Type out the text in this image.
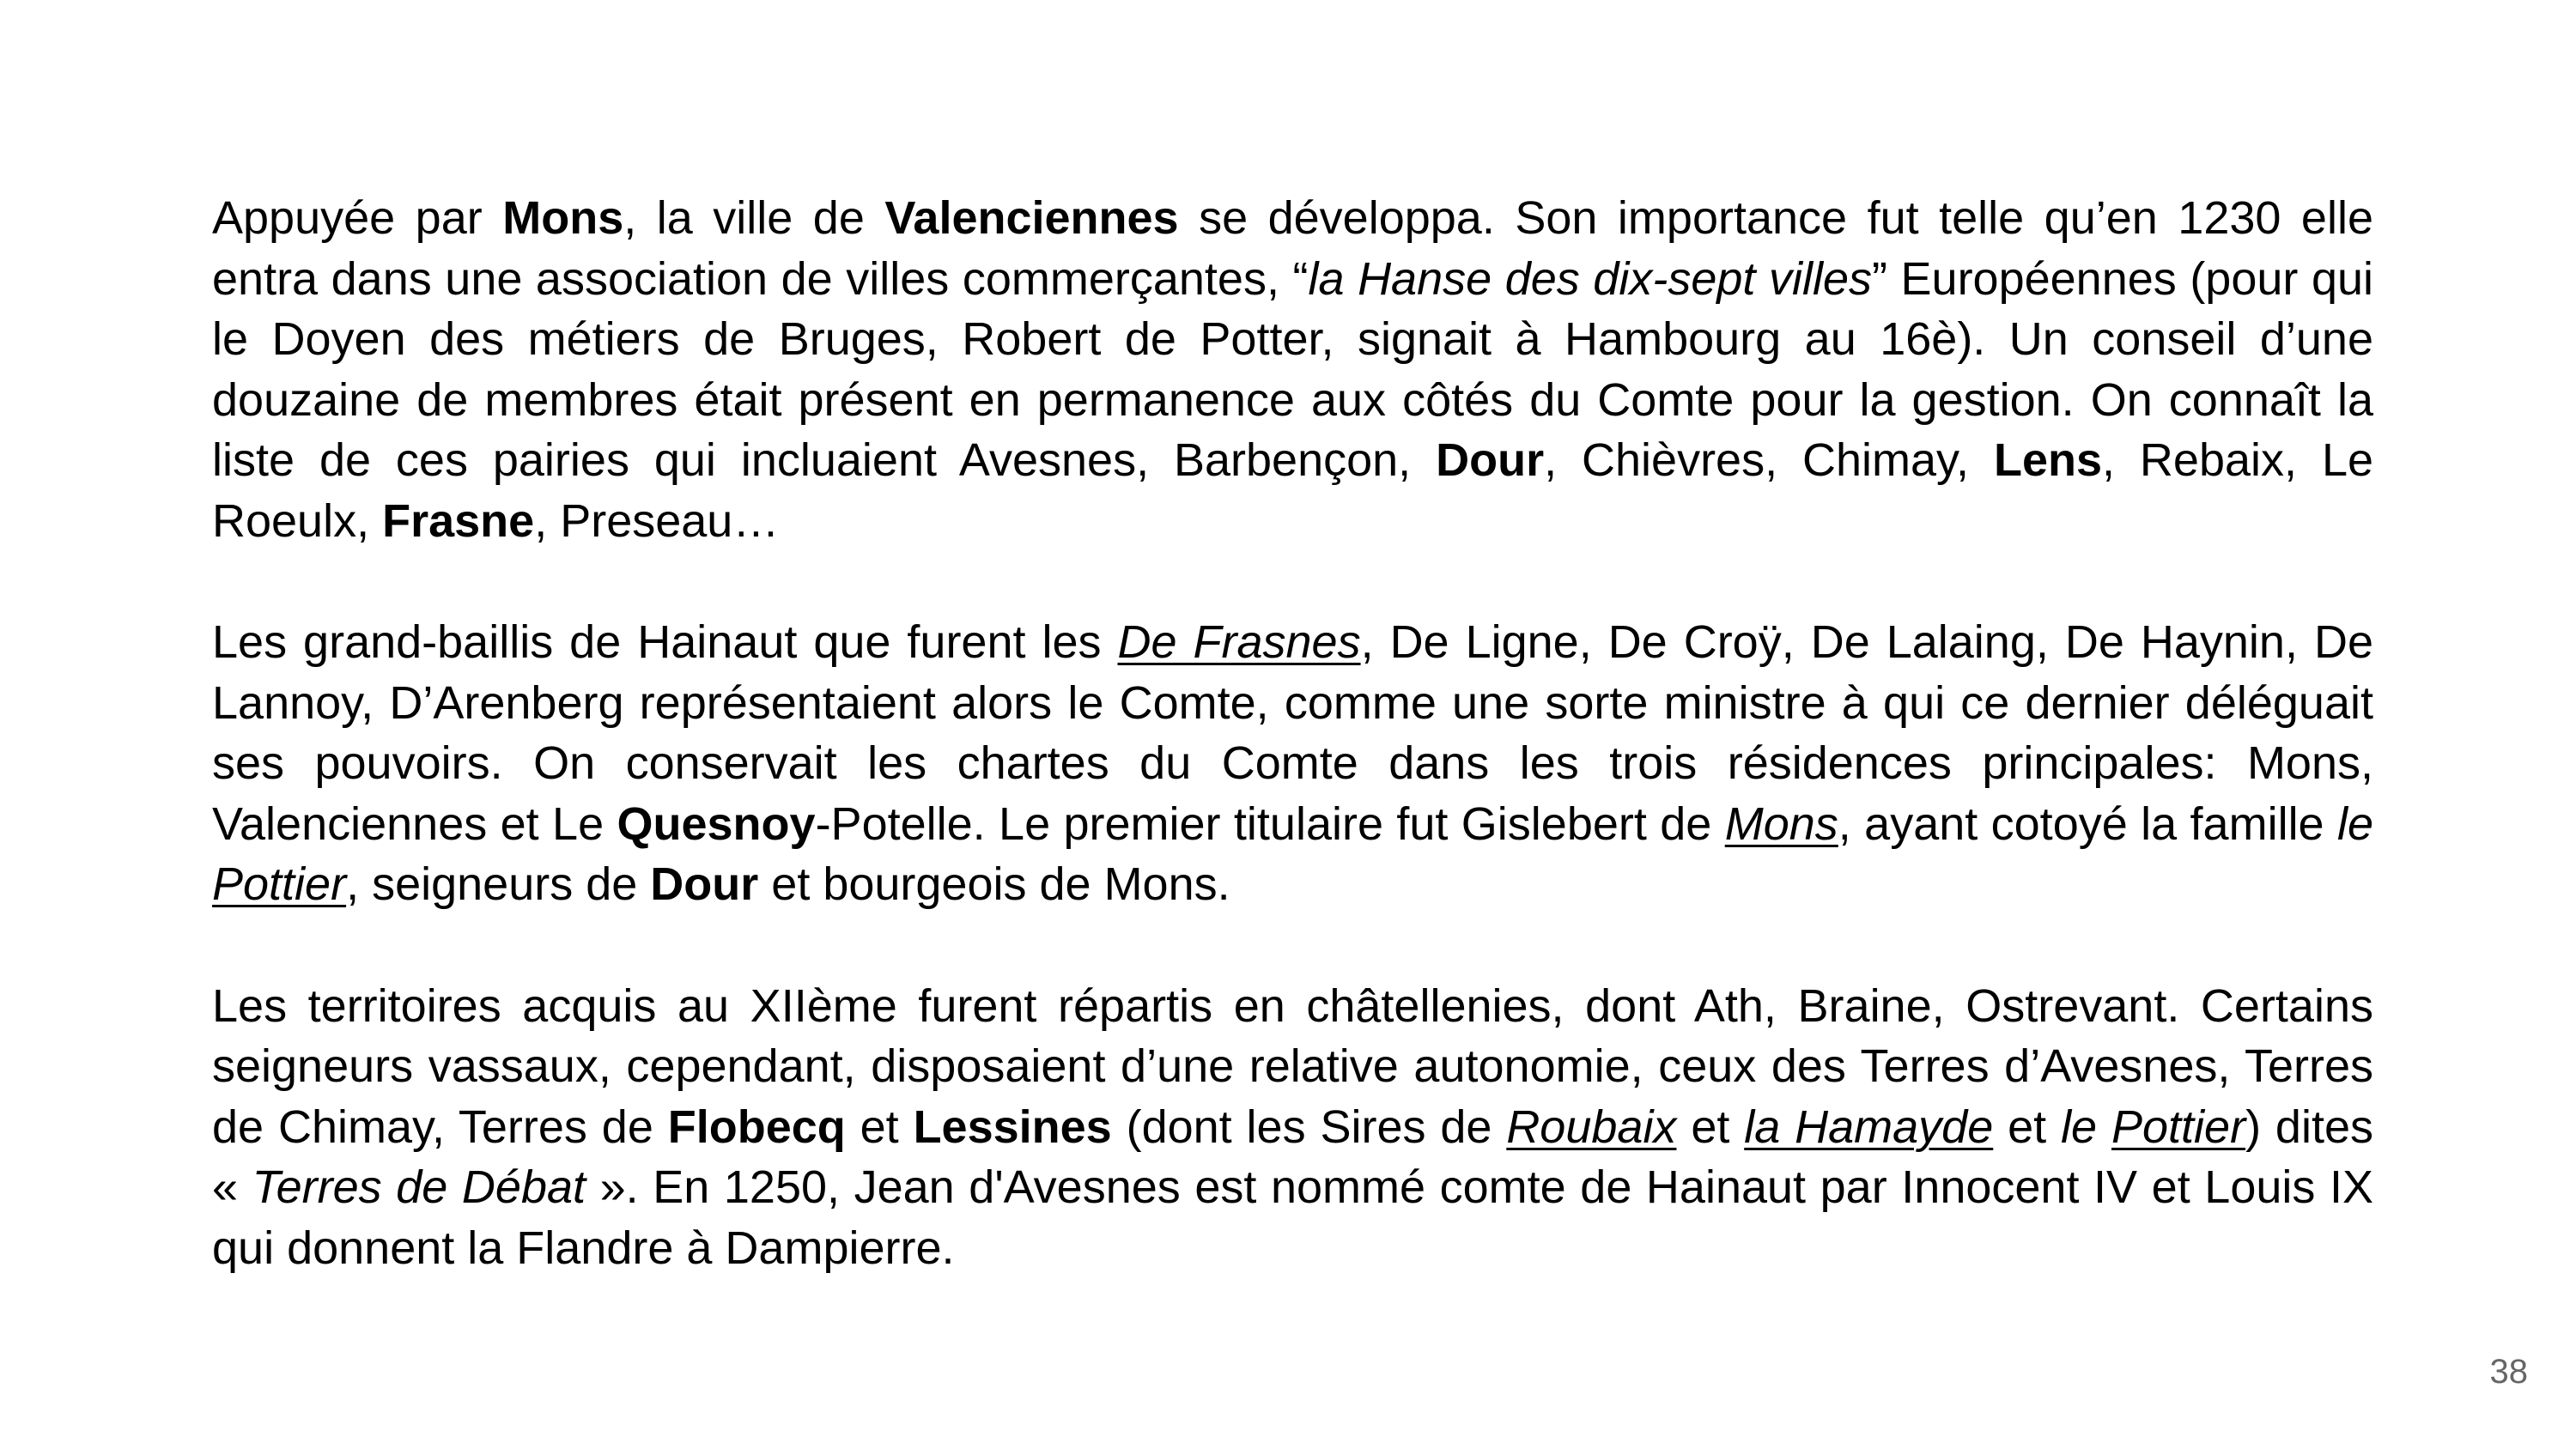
Appuyée par Mons, la ville de Valenciennes se développa. Son importance fut telle qu’en 1230 elle entra dans une association de villes commerçantes, “la Hanse des dix-sept villes” Européennes (pour qui le Doyen des métiers de Bruges, Robert de Potter, signait à Hambourg au 16è). Un conseil d’une douzaine de membres était présent en permanence aux côtés du Comte pour la gestion. On connaît la liste de ces pairies qui incluaient Avesnes, Barbençon, Dour, Chièvres, Chimay, Lens, Rebaix, Le Roeulx, Frasne, Preseau…

Les grand-baillis de Hainaut que furent les De Frasnes, De Ligne, De Croÿ, De Lalaing, De Haynin, De Lannoy, D’Arenberg représentaient alors le Comte, comme une sorte ministre à qui ce dernier déléguait ses pouvoirs. On conservait les chartes du Comte dans les trois résidences principales: Mons, Valenciennes et Le Quesnoy-Potelle. Le premier titulaire fut Gislebert de Mons, ayant cotoyé la famille le Pottier, seigneurs de Dour et bourgeois de Mons.

Les territoires acquis au XIIème furent répartis en châtellenies, dont Ath, Braine, Ostrevant. Certains seigneurs vassaux, cependant, disposaient d’une relative autonomie, ceux des Terres d’Avesnes, Terres de Chimay, Terres de Flobecq et Lessines (dont les Sires de Roubaix et la Hamayde et le Pottier) dites « Terres de Débat ». En 1250, Jean d'Avesnes est nommé comte de Hainaut par Innocent IV et Louis IX qui donnent la Flandre à Dampierre.

38
